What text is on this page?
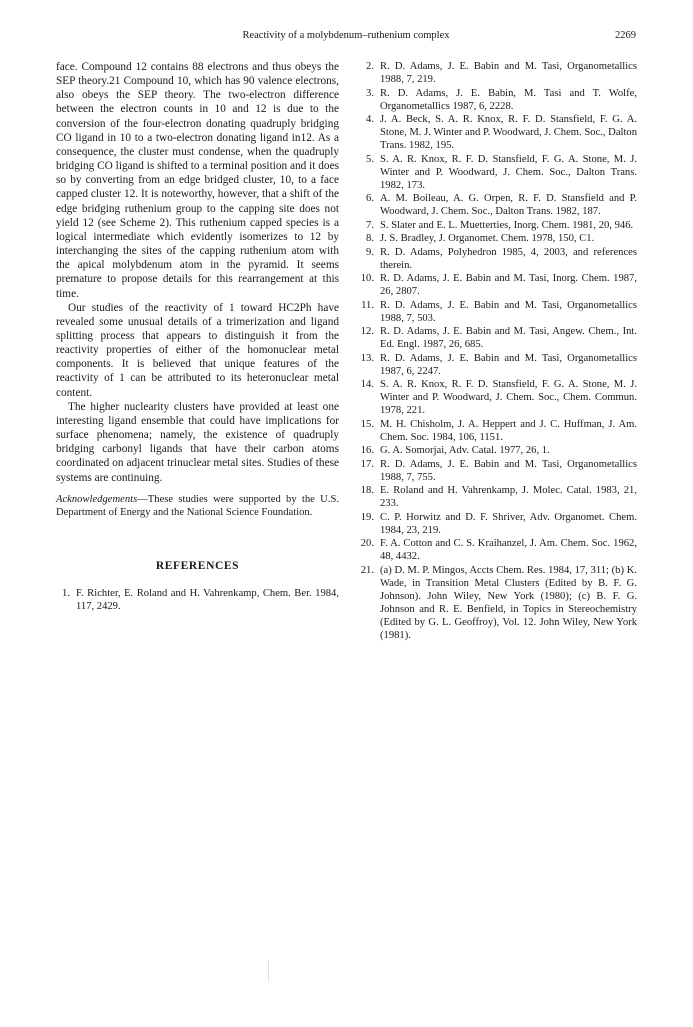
Reactivity of a molybdenum–ruthenium complex	2269

face. Compound 12 contains 88 electrons and thus obeys the SEP theory.21 Compound 10, which has 90 valence electrons, also obeys the SEP theory. The two-electron difference between the electron counts in 10 and 12 is due to the conversion of the four-electron donating quadruply bridging CO ligand in 10 to a two-electron donating ligand in12. As a consequence, the cluster must condense, when the quadruply bridging CO ligand is shifted to a terminal position and it does so by converting from an edge bridged cluster, 10, to a face capped cluster 12. It is noteworthy, however, that a shift of the edge bridging ruthenium group to the capping site does not yield 12 (see Scheme 2). This ruthenium capped species is a logical intermediate which evidently isomerizes to 12 by interchanging the sites of the capping ruthenium atom with the apical molybdenum atom in the pyramid. It seems premature to propose details for this rearrangement at this time.

Our studies of the reactivity of 1 toward HC2Ph have revealed some unusual details of a trimerization and ligand splitting process that appears to distinguish it from the reactivity properties of either of the homonuclear metal components. It is believed that unique features of the reactivity of 1 can be attributed to its heteronuclear metal content.

The higher nuclearity clusters have provided at least one interesting ligand ensemble that could have implications for surface phenomena; namely, the existence of quadruply bridging carbonyl ligands that have their carbon atoms coordinated on adjacent trinuclear metal sites. Studies of these systems are continuing.

Acknowledgements—These studies were supported by the U.S. Department of Energy and the National Science Foundation.

REFERENCES
1. F. Richter, E. Roland and H. Vahrenkamp, Chem. Ber. 1984, 117, 2429.
2. R. D. Adams, J. E. Babin and M. Tasi, Organometallics 1988, 7, 219.
3. R. D. Adams, J. E. Babin, M. Tasi and T. Wolfe, Organometallics 1987, 6, 2228.
4. J. A. Beck, S. A. R. Knox, R. F. D. Stansfield, F. G. A. Stone, M. J. Winter and P. Woodward, J. Chem. Soc., Dalton Trans. 1982, 195.
5. S. A. R. Knox, R. F. D. Stansfield, F. G. A. Stone, M. J. Winter and P. Woodward, J. Chem. Soc., Dalton Trans. 1982, 173.
6. A. M. Boileau, A. G. Orpen, R. F. D. Stansfield and P. Woodward, J. Chem. Soc., Dalton Trans. 1982, 187.
7. S. Slater and E. L. Muetterties, Inorg. Chem. 1981, 20, 946.
8. J. S. Bradley, J. Organomet. Chem. 1978, 150, C1.
9. R. D. Adams, Polyhedron 1985, 4, 2003, and references therein.
10. R. D. Adams, J. E. Babin and M. Tasi, Inorg. Chem. 1987, 26, 2807.
11. R. D. Adams, J. E. Babin and M. Tasi, Organometallics 1988, 7, 503.
12. R. D. Adams, J. E. Babin and M. Tasi, Angew. Chem., Int. Ed. Engl. 1987, 26, 685.
13. R. D. Adams, J. E. Babin and M. Tasi, Organometallics 1987, 6, 2247.
14. S. A. R. Knox, R. F. D. Stansfield, F. G. A. Stone, M. J. Winter and P. Woodward, J. Chem. Soc., Chem. Commun. 1978, 221.
15. M. H. Chisholm, J. A. Heppert and J. C. Huffman, J. Am. Chem. Soc. 1984, 106, 1151.
16. G. A. Somorjai, Adv. Catal. 1977, 26, 1.
17. R. D. Adams, J. E. Babin and M. Tasi, Organometallics 1988, 7, 755.
18. E. Roland and H. Vahrenkamp, J. Molec. Catal. 1983, 21, 233.
19. C. P. Horwitz and D. F. Shriver, Adv. Organomet. Chem. 1984, 23, 219.
20. F. A. Cotton and C. S. Kraihanzel, J. Am. Chem. Soc. 1962, 48, 4432.
21. (a) D. M. P. Mingos, Accts Chem. Res. 1984, 17, 311; (b) K. Wade, in Transition Metal Clusters (Edited by B. F. G. Johnson). John Wiley, New York (1980); (c) B. F. G. Johnson and R. E. Benfield, in Topics in Stereochemistry (Edited by G. L. Geoffroy), Vol. 12. John Wiley, New York (1981).
